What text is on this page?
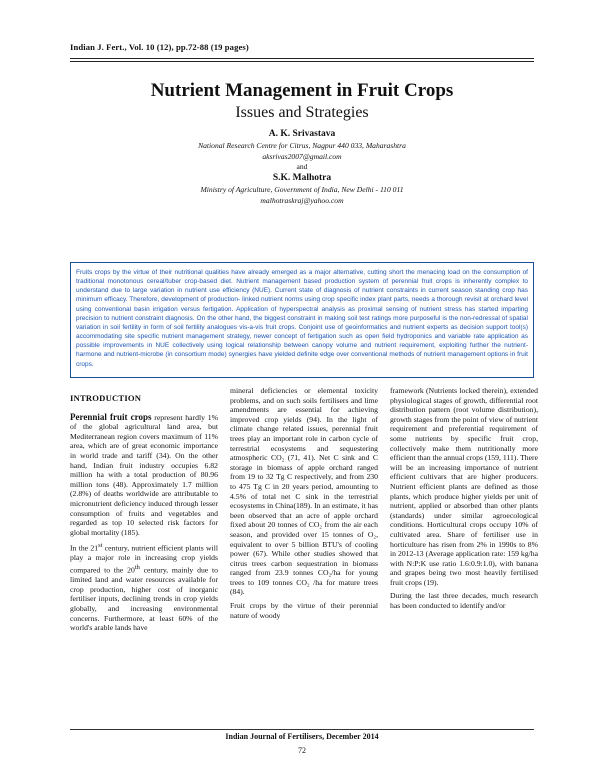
Indian J. Fert., Vol. 10 (12), pp.72-88 (19 pages)
Nutrient Management in Fruit Crops
Issues and Strategies
A. K. Srivastava
National Research Centre for Citrus, Nagpur 440 033, Maharashtra
aksrivas2007@gmail.com
and
S.K. Malhotra
Ministry of Agriculture, Government of India, New Delhi - 110 011
malhotraskraj@yahoo.com
Fruits crops by the virtue of their nutritional qualities have already emerged as a major alternative, cutting short the menacing load on the consumption of traditional monotonous cereal/tuber crop-based diet. Nutrient management based production system of perennial fruit crops is inherently complex to understand due to large variation in nutrient use efficiency (NUE). Current state of diagnosis of nutrient constraints in current season standing crop has minimum efficacy. Therefore, development of production- linked nutrient norms using crop specific index plant parts, needs a thorough revisit at orchard level using conventional basin irrigation versus fertigation. Application of hyperspectral analysis as proximal sensing of nutrient stress has started imparting precision to nutrient constraint diagnosis. On the other hand, the biggest constraint in making soil test ratings more purposeful is the non-redressal of spatial variation in soil fertility in form of soil fertility analogues vis-a-vis fruit crops. Conjoint use of geoinformatics and nutrient experts as decision support tool(s) accommodating site specific nutrient management strategy, newer concept of fertigation such as open field hydroponics and variable rate application as possible improvements in NUE collectively using logical relationship between canopy volume and nutrient requirement, exploiting further the nutrient-harmone and nutrient-microbe (in consortium mode) synergies have yielded definite edge over conventional methods of nutrient management options in fruit crops.
INTRODUCTION

Perennial fruit crops represent hardly 1% of the global agricultural land area, but Mediterranean region covers maximum of 11% area, which are of great economic importance in world trade and tariff (34). On the other hand, Indian fruit industry occupies 6.82 million ha with a total production of 80.96 million tons (48). Approximately 1.7 million (2.8%) of deaths worldwide are attributable to micronutrient deficiency induced through lesser consumption of fruits and vegetables and regarded as top 10 selected risk factors for global mortality (185).

In the 21st century, nutrient efficient plants will play a major role in increasing crop yields compared to the 20th century, mainly due to limited land and water resources available for crop production, higher cost of inorganic fertiliser inputs, declining trends in crop yields globally, and increasing environmental concerns. Furthermore, at least 60% of the world's arable lands have

mineral deficiencies or elemental toxicity problems, and on such soils fertilisers and lime amendments are essential for achieving improved crop yields (94). In the light of climate change related issues, perennial fruit trees play an important role in carbon cycle of terrestrial ecosystems and sequestering atmospheric CO₂ (71, 41). Net C sink and C storage in biomass of apple orchard ranged from 19 to 32 Tg C respectively, and from 230 to 475 Tg C in 20 years period, amounting to 4.5% of total net C sink in the terrestrial ecosystems in China(189). In an estimate, it has been observed that an acre of apple orchard fixed about 20 tonnes of CO₂ from the air each season, and provided over 15 tonnes of O₂, equivalent to over 5 billion BTU's of cooling power (67). While other studies showed that citrus trees carbon sequestration in biomass ranged from 23.9 tonnes CO₂/ha for young trees to 109 tonnes CO₂ /ha for mature trees (84).

Fruit crops by the virtue of their perennial nature of woody

framework (Nutrients locked therein), extended physiological stages of growth, differential root distribution pattern (root volume distribution), growth stages from the point of view of nutrient requirement and preferential requirement of some nutrients by specific fruit crop, collectively make them nutritionally more efficient than the annual crops (159, 111). There will be an increasing importance of nutrient efficient cultivars that are higher producers. Nutrient efficient plants are defined as those plants, which produce higher yields per unit of nutrient, applied or absorbed than other plants (standards) under similar agroecological conditions. Horticultural crops occupy 10% of cultivated area. Share of fertiliser use in horticulture has risen from 2% in 1990s to 8% in 2012-13 (Average application rate: 159 kg/ha with N:P:K use ratio 1.6:0.9:1.0), with banana and grapes being two most heavily fertilised fruit crops (19).

During the last three decades, much research has been conducted to identify and/or

Indian Journal of Fertilisers, December 2014
72
